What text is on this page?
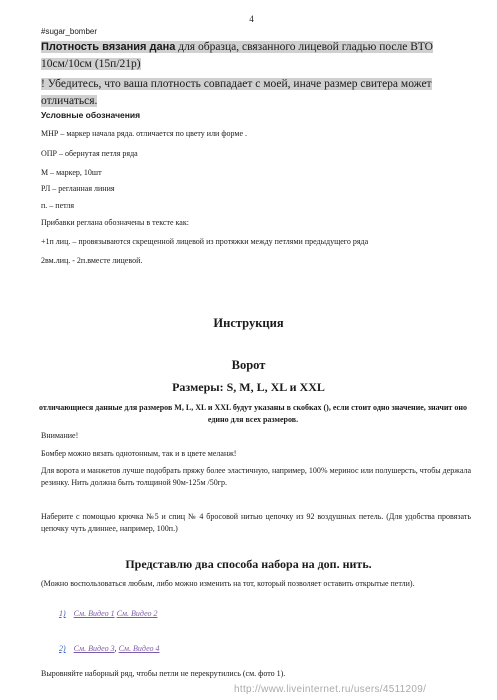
4
#sugar_bomber
Плотность вязания дана для образца, связанного лицевой гладью после ВТО 10см/10см (15п/21р)
! Убедитесь, что ваша плотность совпадает с моей, иначе размер свитера может отличаться.
Условные обозначения
МНР – маркер начала ряда. отличается по цвету или форме .
ОПР – обернутая петля ряда
М – маркер, 10шт
РЛ – регланная линия
п. – петля
Прибавки реглана обозначены в тексте как:
+1п лиц. – провязываются скрещенной лицевой из протяжки между петлями предыдущего ряда
2вм.лиц. - 2п.вместе лицевой.
Инструкция
Ворот
Размеры: S, M, L, XL и XXL
отличающиеся данные для размеров M, L, XL и XXL будут указаны в скобках (), если стоит одно значение, значит оно едино для всех размеров.
Внимание!
Бомбер можно вязать однотонным, так и в цвете меланж!
Для ворота и манжетов лучше подобрать пряжу более эластичную, например, 100% меринос или полушерсть, чтобы держала резинку. Нить должна быть толщиной 90м-125м /50гр.
Наберите с помощью крючка №5 и спиц № 4 бросовой нитью цепочку из 92 воздушных петель. (Для удобства провязать цепочку чуть длиннее, например, 100п.)
Представлю два способа набора на доп. нить.
(Можно воспользоваться любым, либо можно изменить на тот, который позволяет оставить открытые петли).
1) См. Видео 1 См. Видео 2
2) См. Видео 3, См. Видео 4
Выровняйте наборный ряд, чтобы петли не перекрутились (см. фото 1).
http://www.liveinternet.ru/users/4511209/
